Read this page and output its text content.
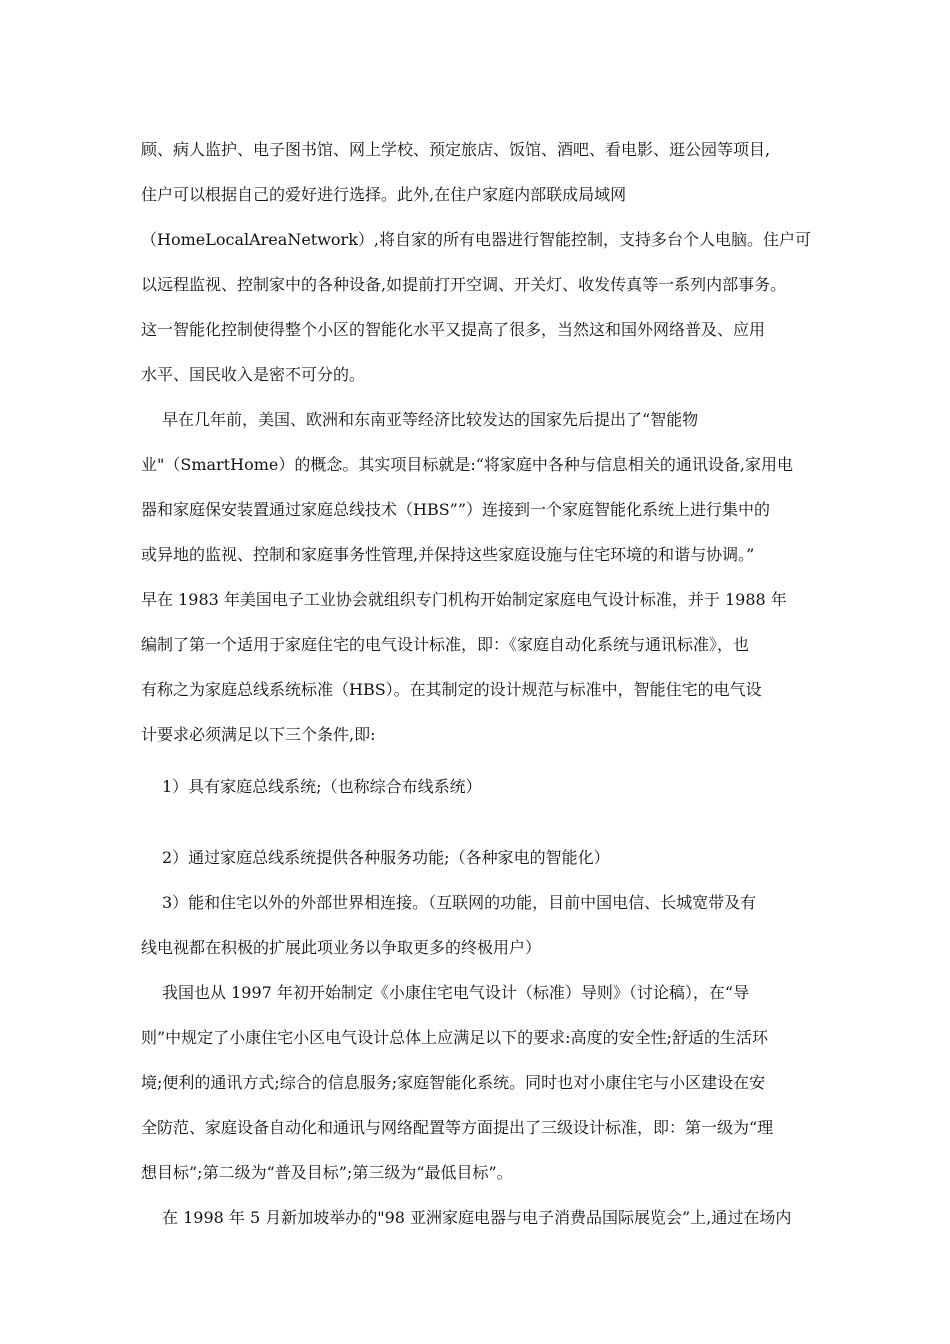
顾、病人监护、电子图书馆、网上学校、预定旅店、饭馆、酒吧、看电影、逛公园等项目,
住户可以根据自己的爱好进行选择。此外,在住户家庭内部联成局域网
（HomeLocalAreaNetwork）,将自家的所有电器进行智能控制，支持多台个人电脑。住户可
以远程监视、控制家中的各种设备,如提前打开空调、开关灯、收发传真等一系列内部事务。
这一智能化控制使得整个小区的智能化水平又提高了很多，当然这和国外网络普及、应用
水平、国民收入是密不可分的。
早在几年前，美国、欧洲和东南亚等经济比较发达的国家先后提出了“智能物
业"（SmartHome）的概念。其实项目标就是:“将家庭中各种与信息相关的通讯设备,家用电
器和家庭保安装置通过家庭总线技术（HBS””）连接到一个家庭智能化系统上进行集中的
或异地的监视、控制和家庭事务性管理,并保持这些家庭设施与住宅环境的和谐与协调。”
早在 1983 年美国电子工业协会就组织专门机构开始制定家庭电气设计标准，并于 1988 年
编制了第一个适用于家庭住宅的电气设计标准，即：《家庭自动化系统与通讯标准》，也
有称之为家庭总线系统标准（HBS）。在其制定的设计规范与标准中，智能住宅的电气设
计要求必须满足以下三个条件,即:
1）具有家庭总线系统;（也称综合布线系统）
2）通过家庭总线系统提供各种服务功能;（各种家电的智能化）
3）能和住宅以外的外部世界相连接。（互联网的功能，目前中国电信、长城宽带及有
线电视都在积极的扩展此项业务以争取更多的终极用户）
我国也从 1997 年初开始制定《小康住宅电气设计（标准）导则》（讨论稿），在“导
则”中规定了小康住宅小区电气设计总体上应满足以下的要求:高度的安全性;舒适的生活环
境;便利的通讯方式;综合的信息服务;家庭智能化系统。同时也对小康住宅与小区建设在安
全防范、家庭设备自动化和通讯与网络配置等方面提出了三级设计标准，即：第一级为“理
想目标”;第二级为“普及目标”;第三级为“最低目标”。
在 1998 年 5 月新加坡举办的"98 亚洲家庭电器与电子消费品国际展览会”上,通过在场内
